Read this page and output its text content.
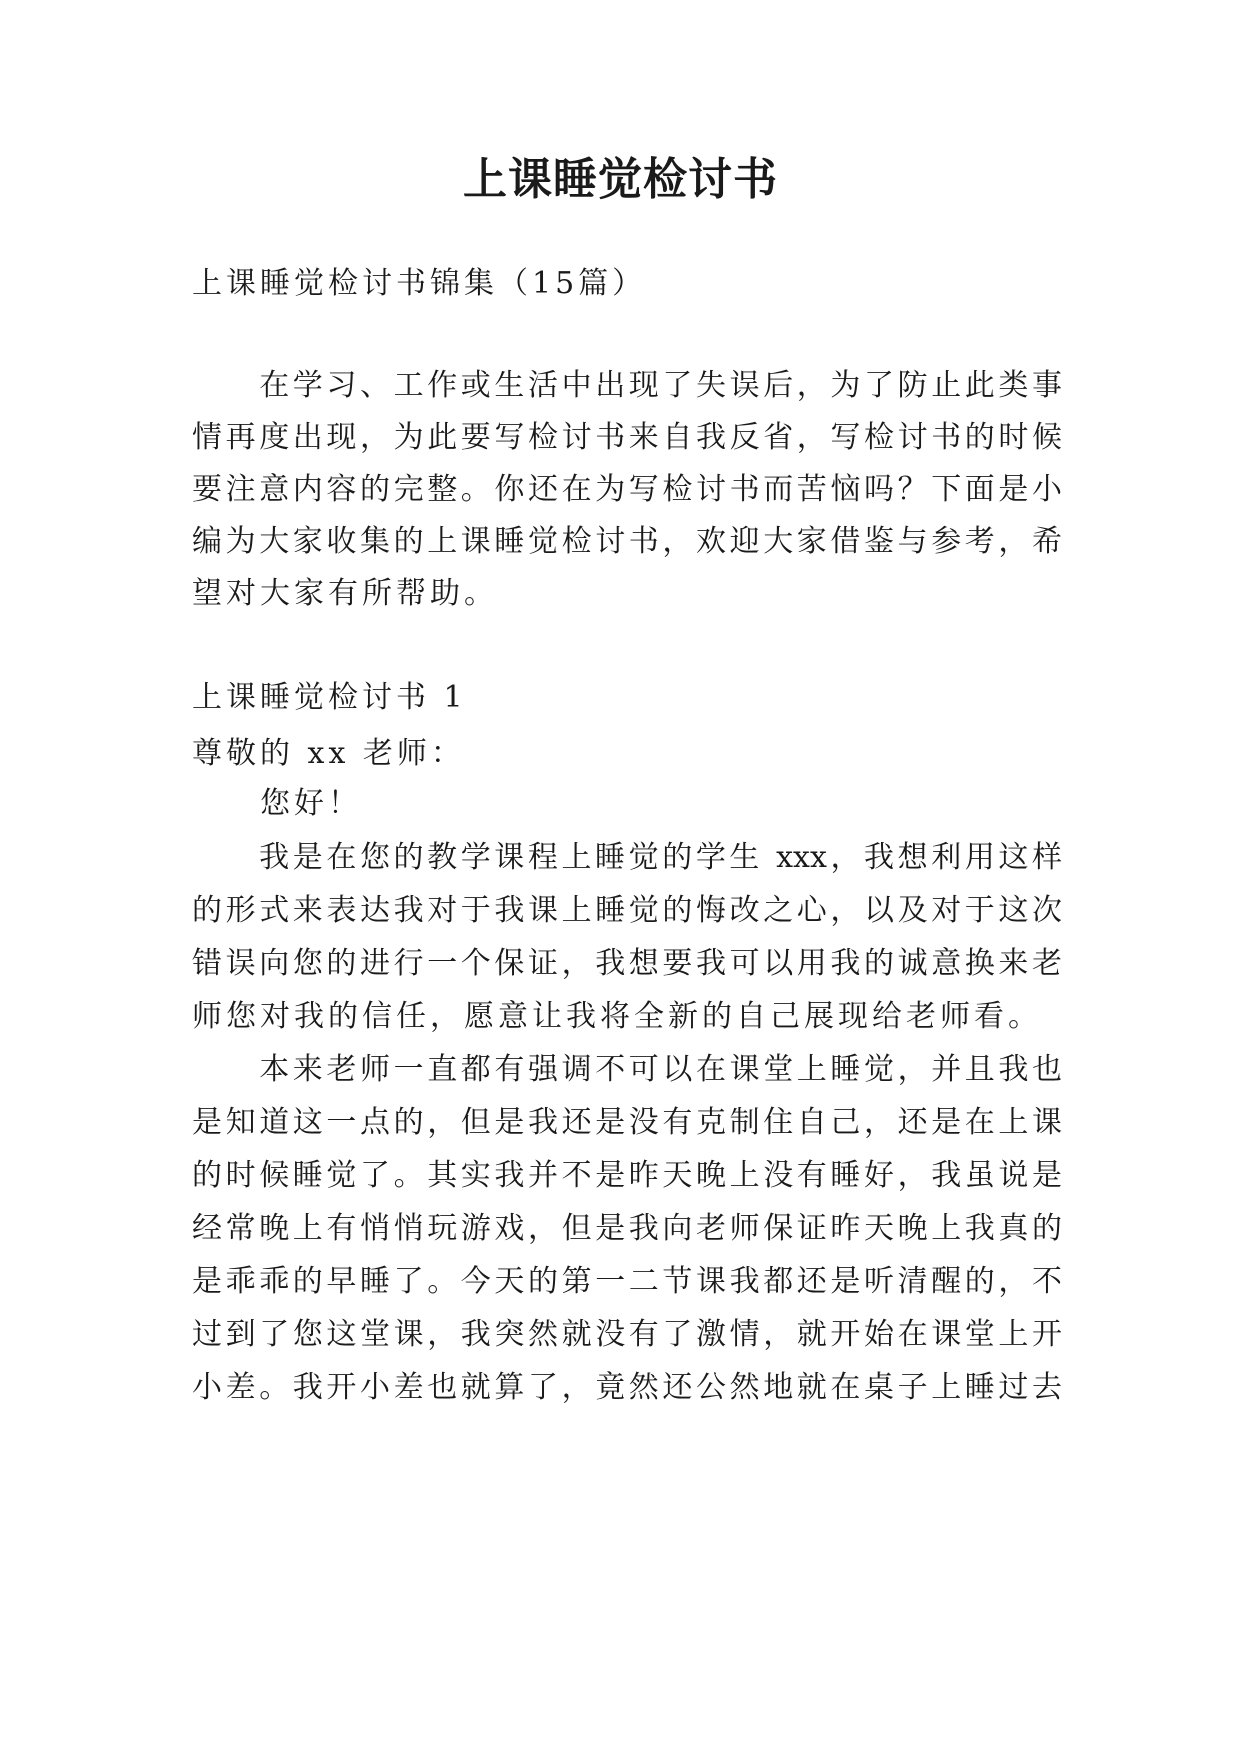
上课睡觉检讨书
上课睡觉检讨书锦集（15篇）
　　在学习、工作或生活中出现了失误后，为了防止此类事
情再度出现，为此要写检讨书来自我反省，写检讨书的时候
要注意内容的完整。你还在为写检讨书而苦恼吗？下面是小
编为大家收集的上课睡觉检讨书，欢迎大家借鉴与参考，希
望对大家有所帮助。
上课睡觉检讨书 1
尊敬的 xx 老师：
　　您好！
　　我是在您的教学课程上睡觉的学生 xxx，我想利用这样
的形式来表达我对于我课上睡觉的悔改之心，以及对于这次
错误向您的进行一个保证，我想要我可以用我的诚意换来老
师您对我的信任，愿意让我将全新的自己展现给老师看。
　　本来老师一直都有强调不可以在课堂上睡觉，并且我也
是知道这一点的，但是我还是没有克制住自己，还是在上课
的时候睡觉了。其实我并不是昨天晚上没有睡好，我虽说是
经常晚上有悄悄玩游戏，但是我向老师保证昨天晚上我真的
是乖乖的早睡了。今天的第一二节课我都还是听清醒的，不
过到了您这堂课，我突然就没有了激情，就开始在课堂上开
小差。我开小差也就算了，竟然还公然地就在桌子上睡过去
